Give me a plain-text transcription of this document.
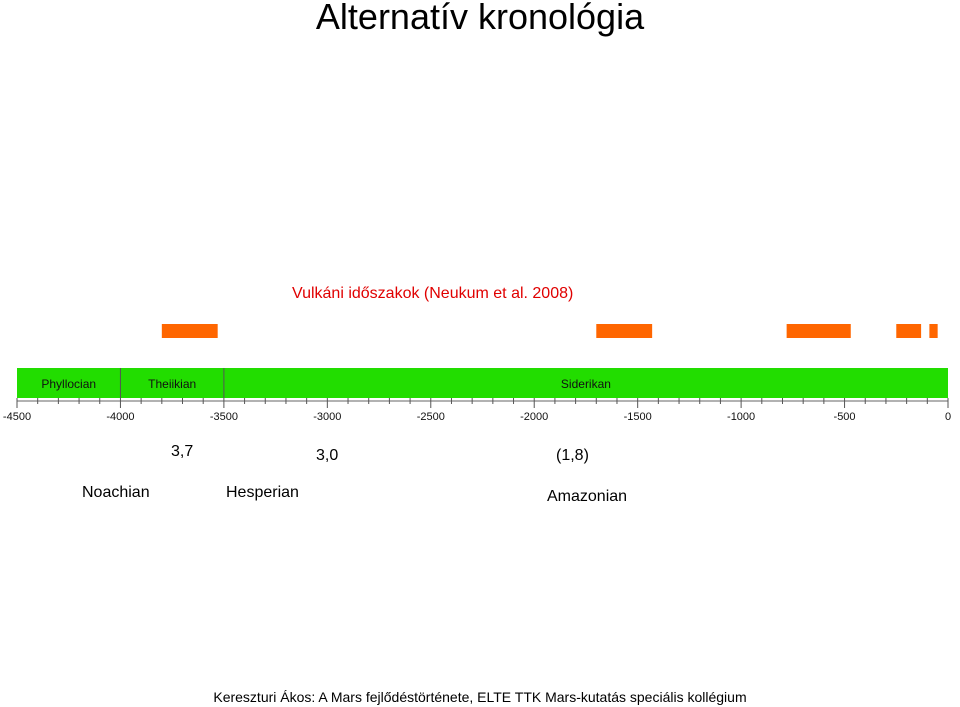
Alternatív kronológia
Vulkáni időszakok (Neukum et al. 2008)
Phyllocian	Theiikian	Siderikan
-4500	-4000	-3500	-3000	-2500	-2000	-1500	-1000	-500	0
3,7	3,0	(1,8)
Noachian	Hesperian	Amazonian
Kereszturi Ákos: A Mars fejlődéstörténete, ELTE TTK Mars-kutatás speciális kollégium
